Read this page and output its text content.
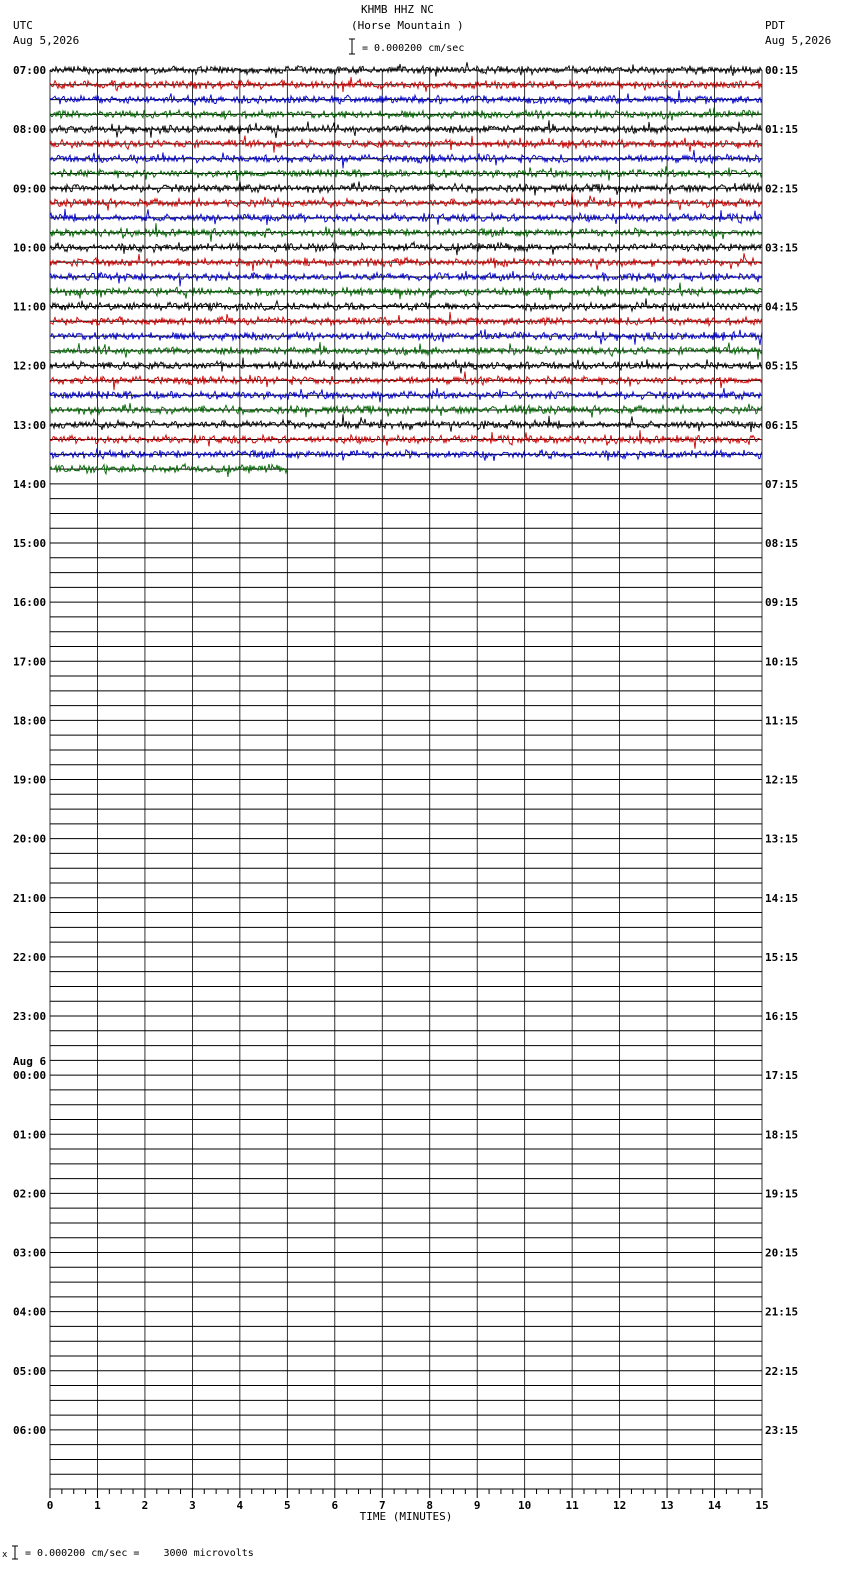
KHMB HHZ NC
(Horse Mountain )
UTC
Aug 5,2026
PDT
Aug 5,2026
= 0.000200 cm/sec
x = 0.000200 cm/sec =    3000 microvolts
0	1	2	3	4	5	6	7	8	9	10	11	12	13	14	15
TIME (MINUTES)
07:00	00:15
08:00	01:15
09:00	02:15
10:00	03:15
11:00	04:15
12:00	05:15
13:00	06:15
14:00	07:15
15:00	08:15
16:00	09:15
17:00	10:15
18:00	11:15
19:00	12:15
20:00	13:15
21:00	14:15
22:00	15:15
23:00	16:15
00:00	17:15
01:00	18:15
02:00	19:15
03:00	20:15
04:00	21:15
05:00	22:15
06:00	23:15
Aug 6
